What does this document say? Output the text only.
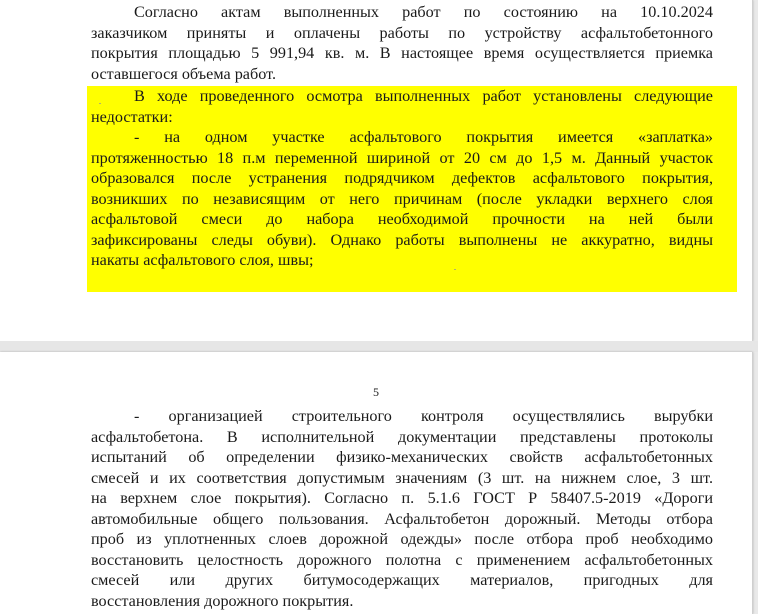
Согласно актам выполненных работ по состоянию на 10.10.2024
заказчиком приняты и оплачены работы по устройству асфальтобетонного
покрытия площадью 5 991,94 кв. м. В настоящее время осуществляется приемка
оставшегося объема работ.
В ходе проведенного осмотра выполненных работ установлены следующие
недостатки:
- на одном участке асфальтового покрытия имеется «заплатка»
протяженностью 18 п.м переменной шириной от 20 см до 1,5 м. Данный участок
образовался после устранения подрядчиком дефектов асфальтового покрытия,
возникших по независящим от него причинам (после укладки верхнего слоя
асфальтовой смеси до набора необходимой прочности на ней были
зафиксированы следы обуви). Однако работы выполнены не аккуратно, видны
накаты асфальтового слоя, швы;
5
- организацией строительного контроля осуществлялись вырубки
асфальтобетона. В исполнительной документации представлены протоколы
испытаний об определении физико-механических свойств асфальтобетонных
смесей и их соответствия допустимым значениям (3 шт. на нижнем слое, 3 шт.
на верхнем слое покрытия). Согласно п. 5.1.6 ГОСТ Р 58407.5-2019 «Дороги
автомобильные общего пользования. Асфальтобетон дорожный. Методы отбора
проб из уплотненных слоев дорожной одежды» после отбора проб необходимо
восстановить целостность дорожного полотна с применением асфальтобетонных
смесей или других битумосодержащих материалов, пригодных для
восстановления дорожного покрытия.
